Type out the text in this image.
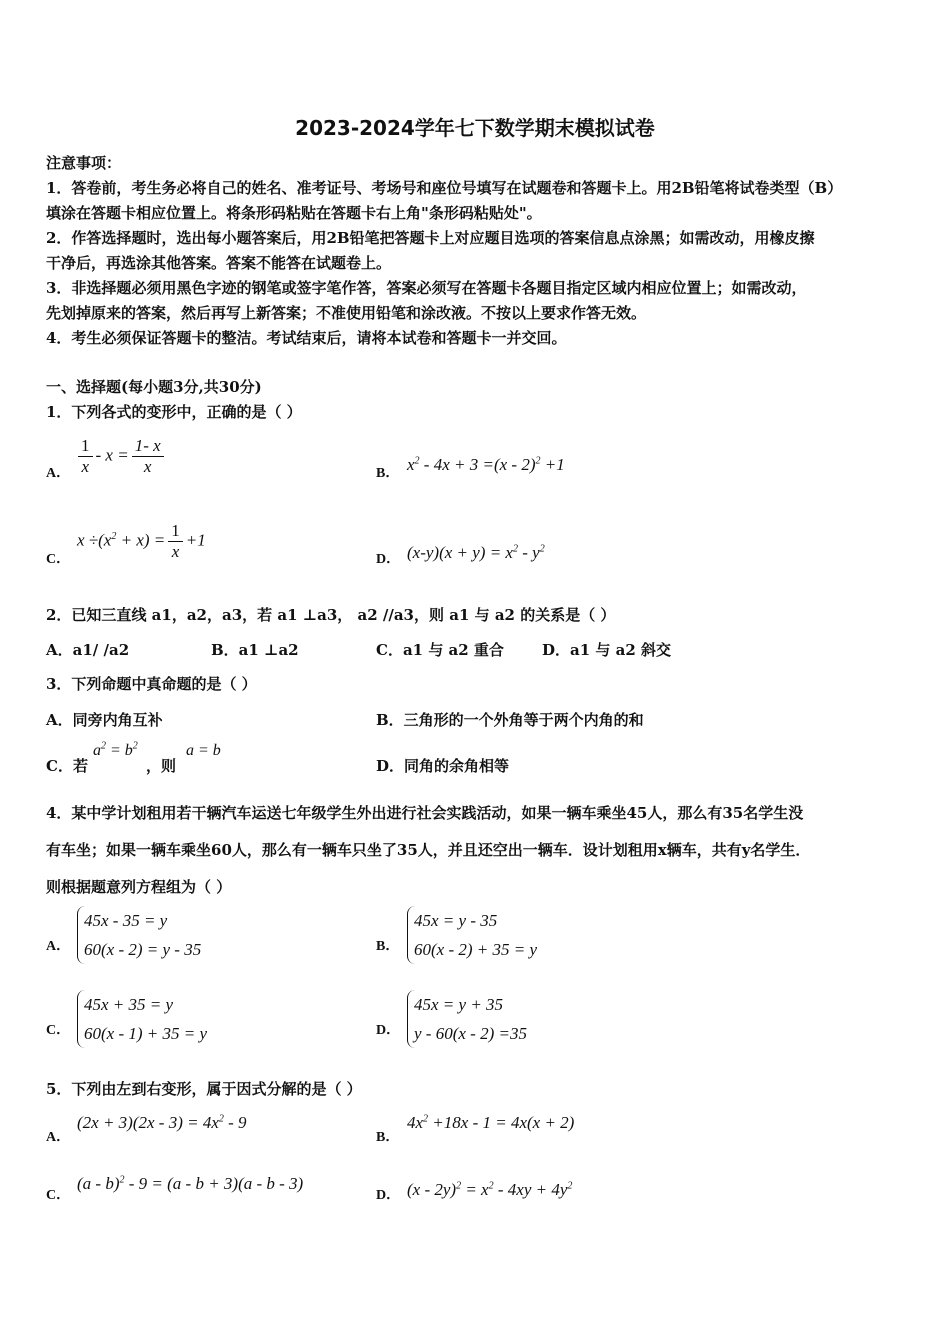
2023-2024学年七下数学期末模拟试卷
注意事项：
1．答卷前，考生务必将自己的姓名、准考证号、考场号和座位号填写在试题卷和答题卡上。用2B铅笔将试卷类型（B）
填涂在答题卡相应位置上。将条形码粘贴在答题卡右上角"条形码粘贴处"。
2．作答选择题时，选出每小题答案后，用2B铅笔把答题卡上对应题目选项的答案信息点涂黑；如需改动，用橡皮擦
干净后，再选涂其他答案。答案不能答在试题卷上。
3．非选择题必须用黑色字迹的钢笔或签字笔作答，答案必须写在答题卡各题目指定区域内相应位置上；如需改动，
先划掉原来的答案，然后再写上新答案；不准使用铅笔和涂改液。不按以上要求作答无效。
4．考生必须保证答题卡的整洁。考试结束后，请将本试卷和答题卡一并交回。
一、选择题(每小题3分,共30分)
1．下列各式的变形中，正确的是（ ）
A． $\frac{1}{x} - x = \frac{1- x}{x}$	B． $x^2 - 4x + 3 =(x - 2)^2 +1$
C．
$x \div(x^2 + x) = \frac{1}{x} +1$
D． $(x-y)(x + y) = x^2 - y^2$
2．已知三直线 a1，a2，a3，若 a1 ⊥a3， a2 //a3，则 a1 与 a2 的关系是（ ）
A．a1/ /a2	B．a1 ⊥a2	C．a1 与 a2 重合	D．a1 与 a2 斜交
3．下列命题中真命题的是（ ）
A．同旁内角互补	B．三角形的一个外角等于两个内角的和
C．若
$a^2 = b^2$
，则
a = b
D．同角的余角相等
4．某中学计划租用若干辆汽车运送七年级学生外出进行社会实践活动，如果一辆车乘坐45人，那么有35名学生没
有车坐；如果一辆车乘坐60人，那么有一辆车只坐了35人，并且还空出一辆车．设计划租用x辆车，共有y名学生．
则根据题意列方程组为（ ）
A．
45x - 35 = y
60(x - 2) = y - 35	B．
45x = y - 35
60(x - 2) + 35 = y
C．
45x + 35 = y
60(x - 1) + 35 = y	D．
45x = y + 35
y - 60(x - 2) =35
5．下列由左到右变形，属于因式分解的是（ ）
A．
$(2x + 3)(2x - 3) = 4x^2 - 9$
B．
$4x^2 +18x - 1 = 4x(x + 2)$
C．
(a - b)$^2$ - 9 = (a - b + 3)(a - b - 3)
D． $(x - 2y)^2 = x^2 - 4xy + 4y^2$
